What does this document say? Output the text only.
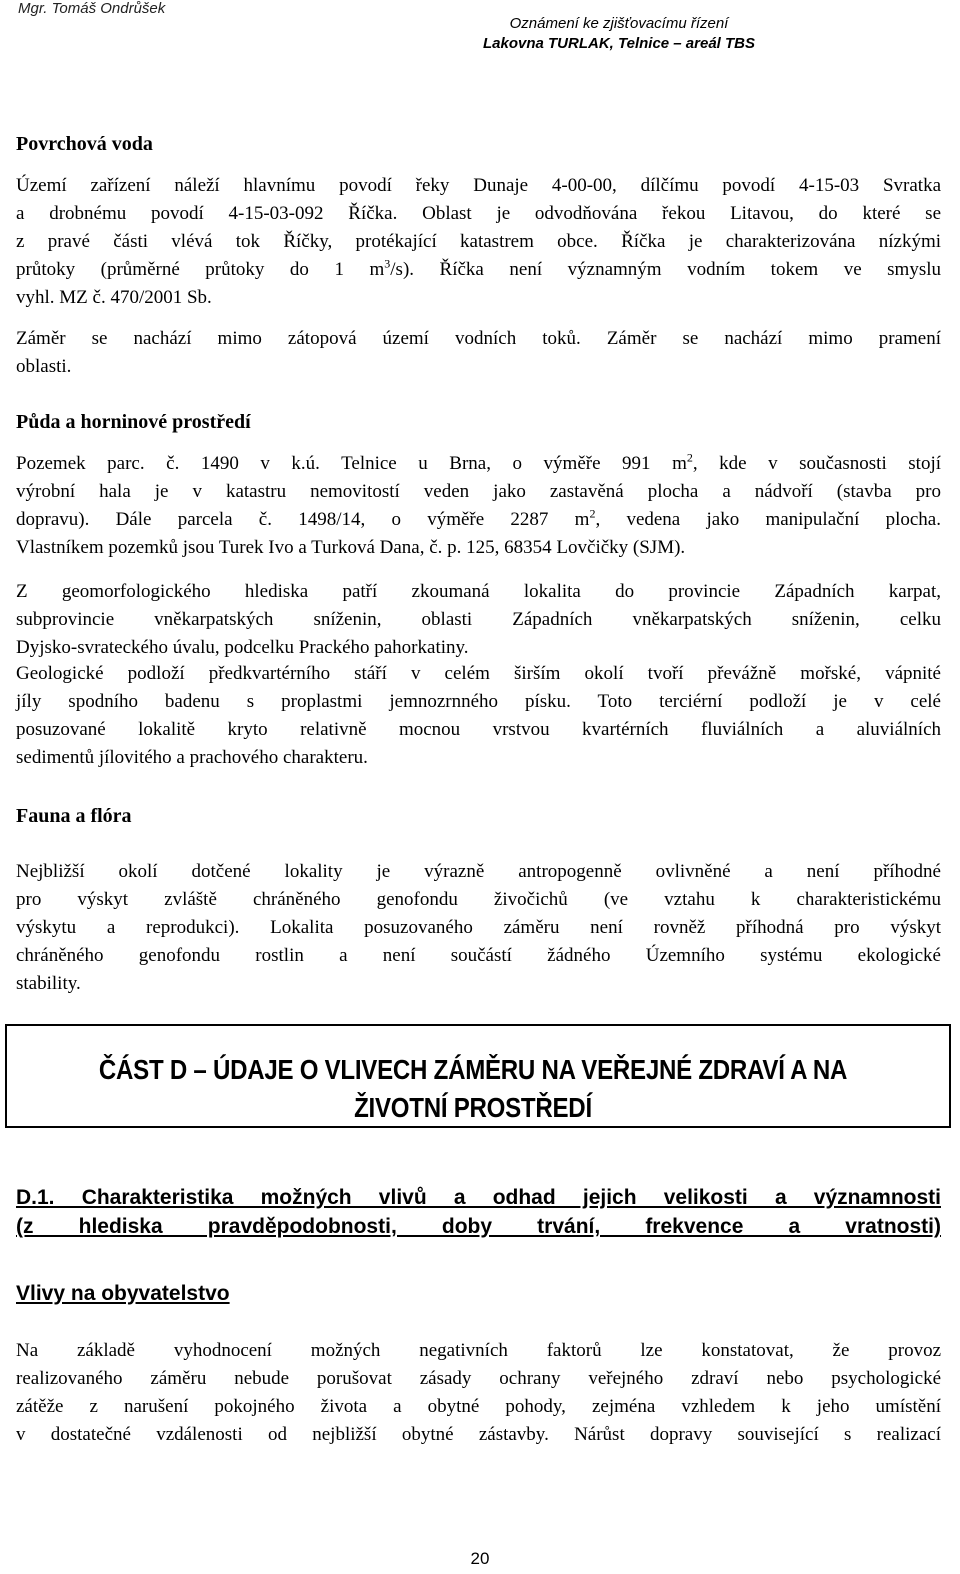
Mgr. Tomáš Ondrůšek
Oznámení ke zjišťovacímu řízení
Lakovna TURLAK, Telnice – areál TBS
Povrchová voda
Území zařízení náleží hlavnímu povodí řeky Dunaje 4-00-00, dílčímu povodí 4-15-03 Svratka
a drobnému povodí 4-15-03-092 Říčka. Oblast je odvodňována řekou Litavou, do které se
z pravé části vlévá tok Říčky, protékající katastrem obce. Říčka je charakterizována nízkými
průtoky (průměrné průtoky do 1 $m^3/s$). Říčka není významným vodním tokem ve smyslu
vyhl. MZ č. 470/2001 Sb.
Záměr se nachází mimo zátopová území vodních toků. Záměr se nachází mimo pramení
oblasti.
Půda a horninové prostředí
Pozemek parc. č. 1490 v k.ú. Telnice u Brna, o výměře 991 $m^2$, kde v současnosti stojí
výrobní hala je v katastru nemovitostí veden jako zastavěná plocha a nádvoří (stavba pro
dopravu). Dále parcela č. 1498/14, o výměře 2287 $m^2$, vedena jako manipulační plocha.
Vlastníkem pozemků jsou Turek Ivo a Turková Dana, č. p. 125, 68354 Lovčičky (SJM).
Z geomorfologického hlediska patří zkoumaná lokalita do provincie Západních karpat,
subprovincie vněkarpatských sníženin, oblasti Západních vněkarpatských sníženin, celku
Dyjsko-svrateckého úvalu, podcelku Prackého pahorkatiny.
Geologické podloží předkvartérního stáří v celém širším okolí tvoří převážně mořské, vápnité
jíly spodního badenu s proplastmi jemnozrnného písku. Toto terciérní podloží je v celé
posuzované lokalitě kryto relativně mocnou vrstvou kvartérních fluviálních a aluviálních
sedimentů jílovitého a prachového charakteru.
Fauna a flóra
Nejbližší okolí dotčené lokality je výrazně antropogenně ovlivněné a není příhodné
pro výskyt zvláště chráněného genofondu živočichů (ve vztahu k charakteristickému
výskytu a reprodukci). Lokalita posuzovaného záměru není rovněž příhodná pro výskyt
chráněného genofondu rostlin a není součástí žádného Územního systému ekologické
stability.
ČÁST D – ÚDAJE O VLIVECH ZÁMĚRU NA VEŘEJNÉ ZDRAVÍ A NA
ŽIVOTNÍ PROSTŘEDÍ
D.1. Charakteristika možných vlivů a odhad jejich velikosti a významnosti
(z hlediska pravděpodobnosti, doby trvání, frekvence a vratnosti)
Vlivy na obyvatelstvo
Na základě vyhodnocení možných negativních faktorů lze konstatovat, že provoz
realizovaného záměru nebude porušovat zásady ochrany veřejného zdraví nebo psychologické
zátěže z narušení pokojného života a obytné pohody, zejména vzhledem k jeho umístění
v dostatečné vzdálenosti od nejbližší obytné zástavby. Nárůst dopravy související s realizací
20
